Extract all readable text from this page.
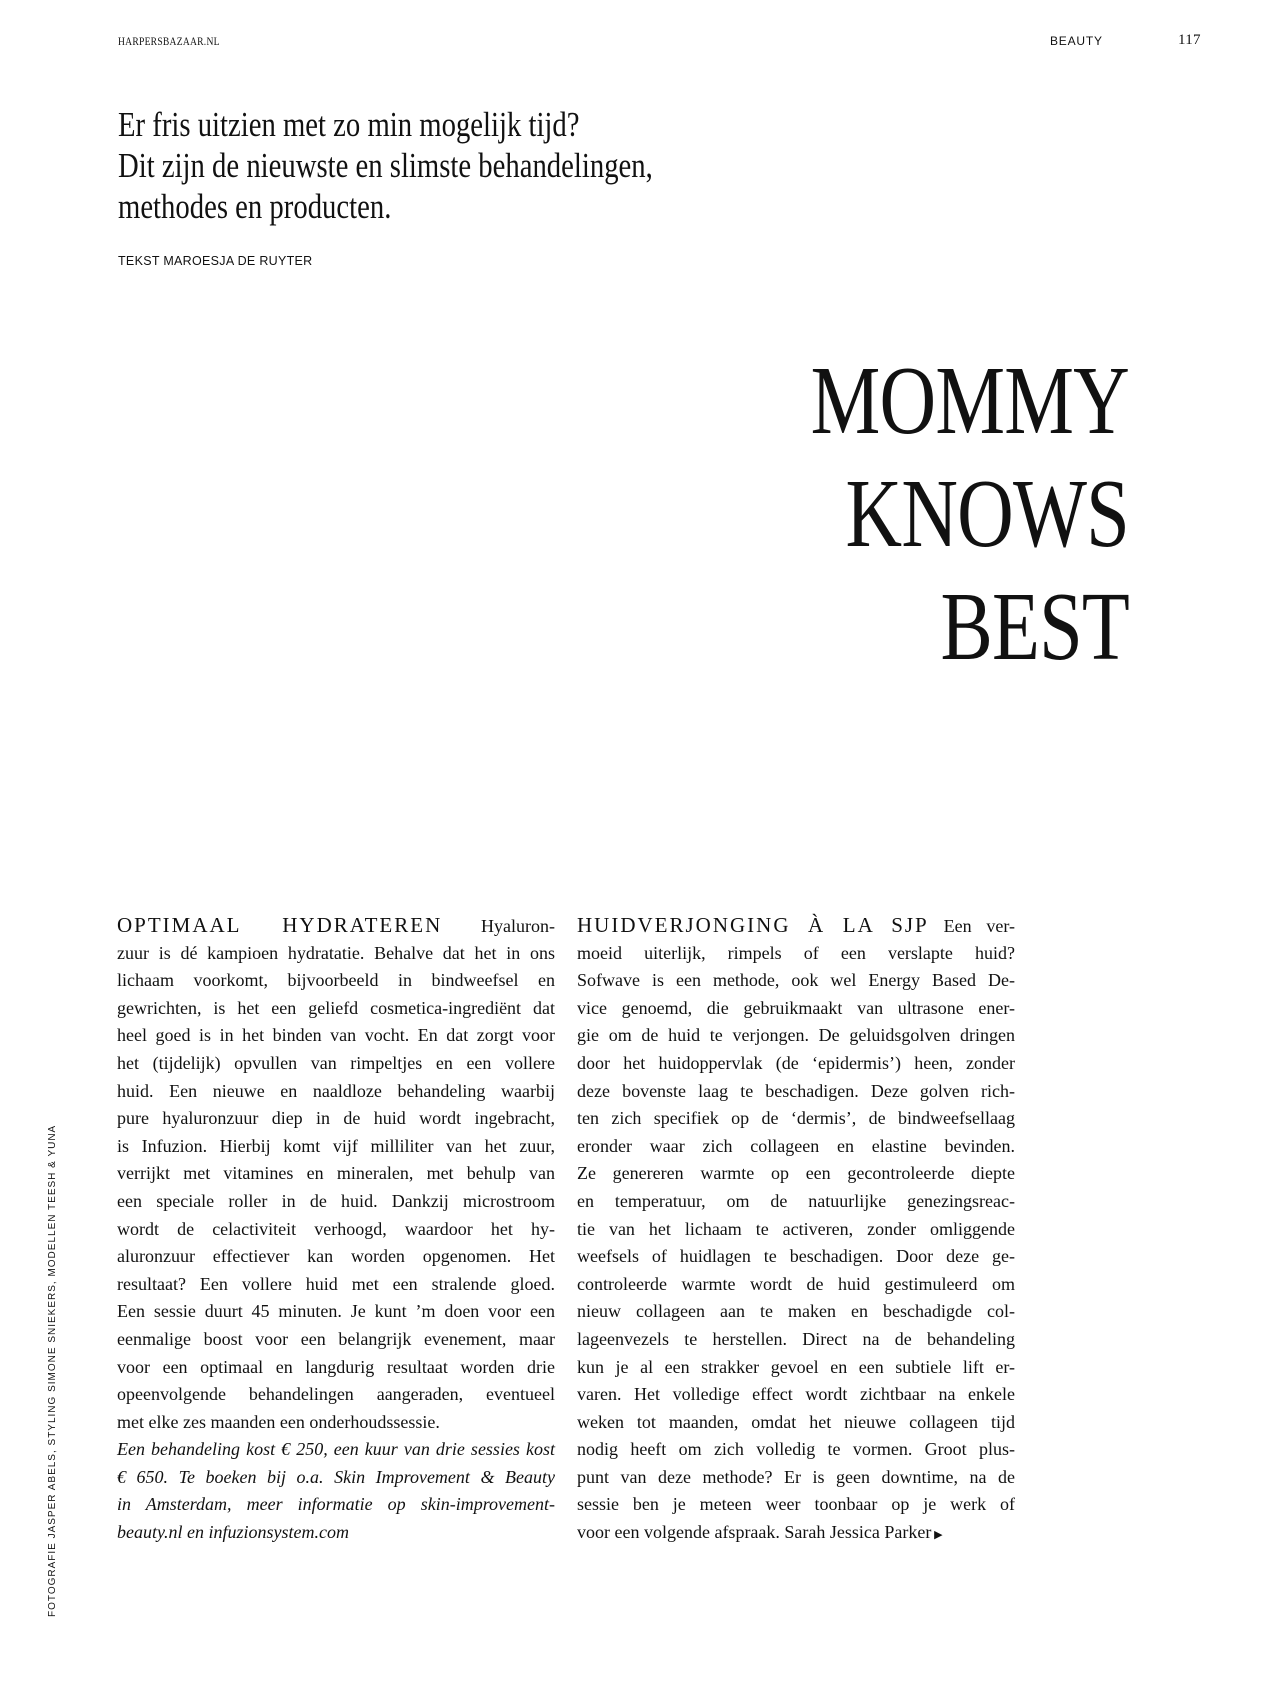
HARPERSBAZAAR.NL	BEAUTY	117
Er fris uitzien met zo min mogelijk tijd?
Dit zijn de nieuwste en slimste behandelingen,
methodes en producten.
TEKST MAROESJA DE RUYTER
MOMMY
KNOWS
BEST
OPTIMAAL HYDRATEREN Hyaluron-
zuur is dé kampioen hydratatie. Behalve dat het in ons
lichaam voorkomt, bijvoorbeeld in bindweefsel en
gewrichten, is het een geliefd cosmetica-ingrediënt dat
heel goed is in het binden van vocht. En dat zorgt voor
het (tijdelijk) opvullen van rimpeltjes en een vollere
huid. Een nieuwe en naaldloze behandeling waarbij
pure hyaluronzuur diep in de huid wordt ingebracht,
is Infuzion. Hierbij komt vijf milliliter van het zuur,
verrijkt met vitamines en mineralen, met behulp van
een speciale roller in de huid. Dankzij microstroom
wordt de celactiviteit verhoogd, waardoor het hy-
aluronzuur effectiever kan worden opgenomen. Het
resultaat? Een vollere huid met een stralende gloed.
Een sessie duurt 45 minuten. Je kunt ’m doen voor een
eenmalige boost voor een belangrijk evenement, maar
voor een optimaal en langdurig resultaat worden drie
opeenvolgende behandelingen aangeraden, eventueel
met elke zes maanden een onderhoudssessie.
Een behandeling kost € 250, een kuur van drie sessies kost
€ 650. Te boeken bij o.a. Skin Improvement & Beauty
in Amsterdam, meer informatie op skin-improvement-
beauty.nl en infuzionsystem.com
HUIDVERJONGING À LA SJP Een ver-
moeid uiterlijk, rimpels of een verslapte huid?
Sofwave is een methode, ook wel Energy Based De-
vice genoemd, die gebruikmaakt van ultrasone ener-
gie om de huid te verjongen. De geluidsgolven dringen
door het huidoppervlak (de ‘epidermis’) heen, zonder
deze bovenste laag te beschadigen. Deze golven rich-
ten zich specifiek op de ‘dermis’, de bindweefsellaag
eronder waar zich collageen en elastine bevinden.
Ze genereren warmte op een gecontroleerde diepte
en temperatuur, om de natuurlijke genezingsreac-
tie van het lichaam te activeren, zonder omliggende
weefsels of huidlagen te beschadigen. Door deze ge-
controleerde warmte wordt de huid gestimuleerd om
nieuw collageen aan te maken en beschadigde col-
lageenvezels te herstellen. Direct na de behandeling
kun je al een strakker gevoel en een subtiele lift er-
varen. Het volledige effect wordt zichtbaar na enkele
weken tot maanden, omdat het nieuwe collageen tijd
nodig heeft om zich volledig te vormen. Groot plus-
punt van deze methode? Er is geen downtime, na de
sessie ben je meteen weer toonbaar op je werk of
voor een volgende afspraak. Sarah Jessica Parker ▶
FOTOGRAFIE JASPER ABELS, STYLING SIMONE SNIEKERS, MODELLEN TEESH & YUNA
